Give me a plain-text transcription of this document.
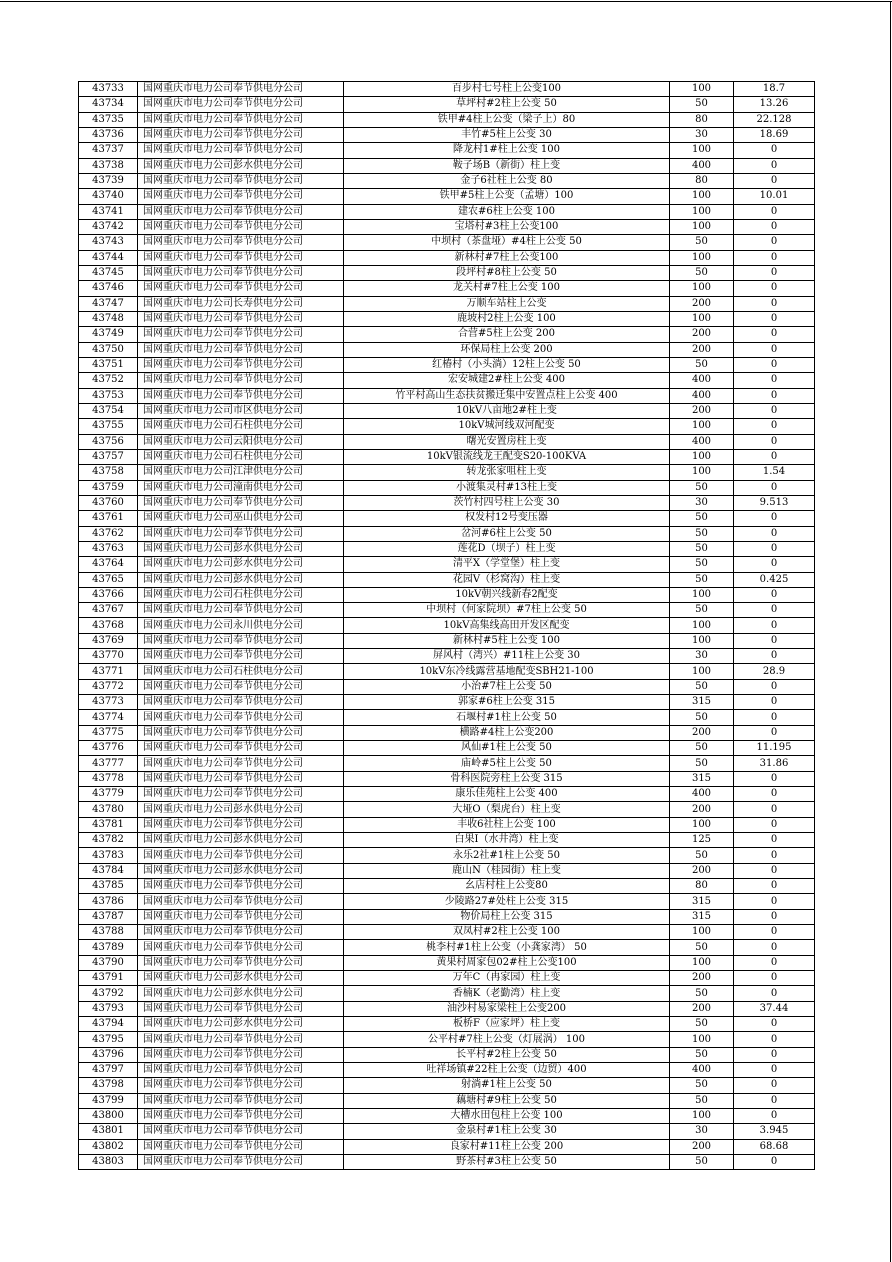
43733	国网重庆市电力公司奉节供电分公司	百步村七号柱上公变100	100	18.7
43734	国网重庆市电力公司奉节供电分公司	草坪村#2柱上公变 50	50	13.26
43735	国网重庆市电力公司奉节供电分公司	铁甲#4柱上公变（梁子上）80	80	22.128
43736	国网重庆市电力公司奉节供电分公司	丰竹#5柱上公变 30	30	18.69
43737	国网重庆市电力公司奉节供电分公司	降龙村1#柱上公变 100	100	0
43738	国网重庆市电力公司彭水供电分公司	鞍子场B（新街）柱上变	400	0
43739	国网重庆市电力公司奉节供电分公司	金子6社柱上公变 80	80	0
43740	国网重庆市电力公司奉节供电分公司	铁甲#5柱上公变（孟塘）100	100	10.01
43741	国网重庆市电力公司奉节供电分公司	建农#6柱上公变 100	100	0
43742	国网重庆市电力公司奉节供电分公司	宝塔村#3柱上公变100	100	0
43743	国网重庆市电力公司奉节供电分公司	中坝村（茶盘垭）#4柱上公变 50	50	0
43744	国网重庆市电力公司奉节供电分公司	新林村#7柱上公变100	100	0
43745	国网重庆市电力公司奉节供电分公司	段坪村#8柱上公变 50	50	0
43746	国网重庆市电力公司奉节供电分公司	龙关村#7柱上公变 100	100	0
43747	国网重庆市电力公司长寿供电分公司	万顺车站柱上公变	200	0
43748	国网重庆市电力公司奉节供电分公司	鹿坡村2柱上公变 100	100	0
43749	国网重庆市电力公司奉节供电分公司	合营#5柱上公变 200	200	0
43750	国网重庆市电力公司奉节供电分公司	环保局柱上公变 200	200	0
43751	国网重庆市电力公司奉节供电分公司	红椿村（小头淌）12柱上公变 50	50	0
43752	国网重庆市电力公司奉节供电分公司	宏安城建2#柱上公变 400	400	0
43753	国网重庆市电力公司奉节供电分公司	竹平村高山生态扶贫搬迁集中安置点柱上公变 400	400	0
43754	国网重庆市电力公司市区供电分公司	10kV八亩地2#柱上变	200	0
43755	国网重庆市电力公司石柱供电分公司	10kV城河线双河配变	100	0
43756	国网重庆市电力公司云阳供电分公司	曙光安置房柱上变	400	0
43757	国网重庆市电力公司石柱供电分公司	10kV银流线龙王配变S20-100KVA	100	0
43758	国网重庆市电力公司江津供电分公司	转龙张家咀柱上变	100	1.54
43759	国网重庆市电力公司潼南供电分公司	小渡集灵村#13柱上变	50	0
43760	国网重庆市电力公司奉节供电分公司	茨竹村四号柱上公变 30	30	9.513
43761	国网重庆市电力公司巫山供电分公司	权发村12号变压器	50	0
43762	国网重庆市电力公司奉节供电分公司	岔河#6柱上公变 50	50	0
43763	国网重庆市电力公司彭水供电分公司	莲花D（坝子）柱上变	50	0
43764	国网重庆市电力公司彭水供电分公司	清平X（学堂堡）柱上变	50	0
43765	国网重庆市电力公司彭水供电分公司	花园V（杉窝沟）柱上变	50	0.425
43766	国网重庆市电力公司石柱供电分公司	10kV朝兴线新春2配变	100	0
43767	国网重庆市电力公司奉节供电分公司	中坝村（何家院坝）#7柱上公变 50	50	0
43768	国网重庆市电力公司永川供电分公司	10kV高集线高田开发区配变	100	0
43769	国网重庆市电力公司奉节供电分公司	新林村#5柱上公变 100	100	0
43770	国网重庆市电力公司奉节供电分公司	屏风村（湾兴）#11柱上公变 30	30	0
43771	国网重庆市电力公司石柱供电分公司	10kV东冷线露营基地配变SBH21-100	100	28.9
43772	国网重庆市电力公司奉节供电分公司	小治#7柱上公变 50	50	0
43773	国网重庆市电力公司奉节供电分公司	郭家#6柱上公变 315	315	0
43774	国网重庆市电力公司奉节供电分公司	石堰村#1柱上公变 50	50	0
43775	国网重庆市电力公司奉节供电分公司	横路#4柱上公变200	200	0
43776	国网重庆市电力公司奉节供电分公司	风仙#1柱上公变 50	50	11.195
43777	国网重庆市电力公司奉节供电分公司	庙岭#5柱上公变 50	50	31.86
43778	国网重庆市电力公司奉节供电分公司	骨科医院旁柱上公变 315	315	0
43779	国网重庆市电力公司奉节供电分公司	康乐佳苑柱上公变 400	400	0
43780	国网重庆市电力公司彭水供电分公司	大垭O（梨虎台）柱上变	200	0
43781	国网重庆市电力公司奉节供电分公司	丰收6社柱上公变 100	100	0
43782	国网重庆市电力公司彭水供电分公司	白果I（水井湾）柱上变	125	0
43783	国网重庆市电力公司奉节供电分公司	永乐2社#1柱上公变 50	50	0
43784	国网重庆市电力公司彭水供电分公司	鹿山N（桂园街）柱上变	200	0
43785	国网重庆市电力公司奉节供电分公司	幺店村柱上公变80	80	0
43786	国网重庆市电力公司奉节供电分公司	少陵路27#处柱上公变 315	315	0
43787	国网重庆市电力公司奉节供电分公司	物价局柱上公变 315	315	0
43788	国网重庆市电力公司奉节供电分公司	双凤村#2柱上公变 100	100	0
43789	国网重庆市电力公司奉节供电分公司	桃李村#1柱上公变（小龚家湾） 50	50	0
43790	国网重庆市电力公司奉节供电分公司	黄果村周家包02#柱上公变100	100	0
43791	国网重庆市电力公司彭水供电分公司	万年C（冉家园）柱上变	200	0
43792	国网重庆市电力公司彭水供电分公司	香楠K（老勤湾）柱上变	50	0
43793	国网重庆市电力公司奉节供电分公司	油沙村易家梁柱上公变200	200	37.44
43794	国网重庆市电力公司彭水供电分公司	板桥F（应家坪）柱上变	50	0
43795	国网重庆市电力公司奉节供电分公司	公平村#7柱上公变（灯展涡） 100	100	0
43796	国网重庆市电力公司奉节供电分公司	长平村#2柱上公变 50	50	0
43797	国网重庆市电力公司奉节供电分公司	吐祥场镇#22柱上公变（边贸）400	400	0
43798	国网重庆市电力公司奉节供电分公司	射淌#1柱上公变 50	50	0
43799	国网重庆市电力公司奉节供电分公司	藕塘村#9柱上公变 50	50	0
43800	国网重庆市电力公司奉节供电分公司	大槽水田包柱上公变 100	100	0
43801	国网重庆市电力公司奉节供电分公司	金泉村#1柱上公变 30	30	3.945
43802	国网重庆市电力公司奉节供电分公司	良家村#11柱上公变 200	200	68.68
43803	国网重庆市电力公司奉节供电分公司	野茶村#3柱上公变 50	50	0
